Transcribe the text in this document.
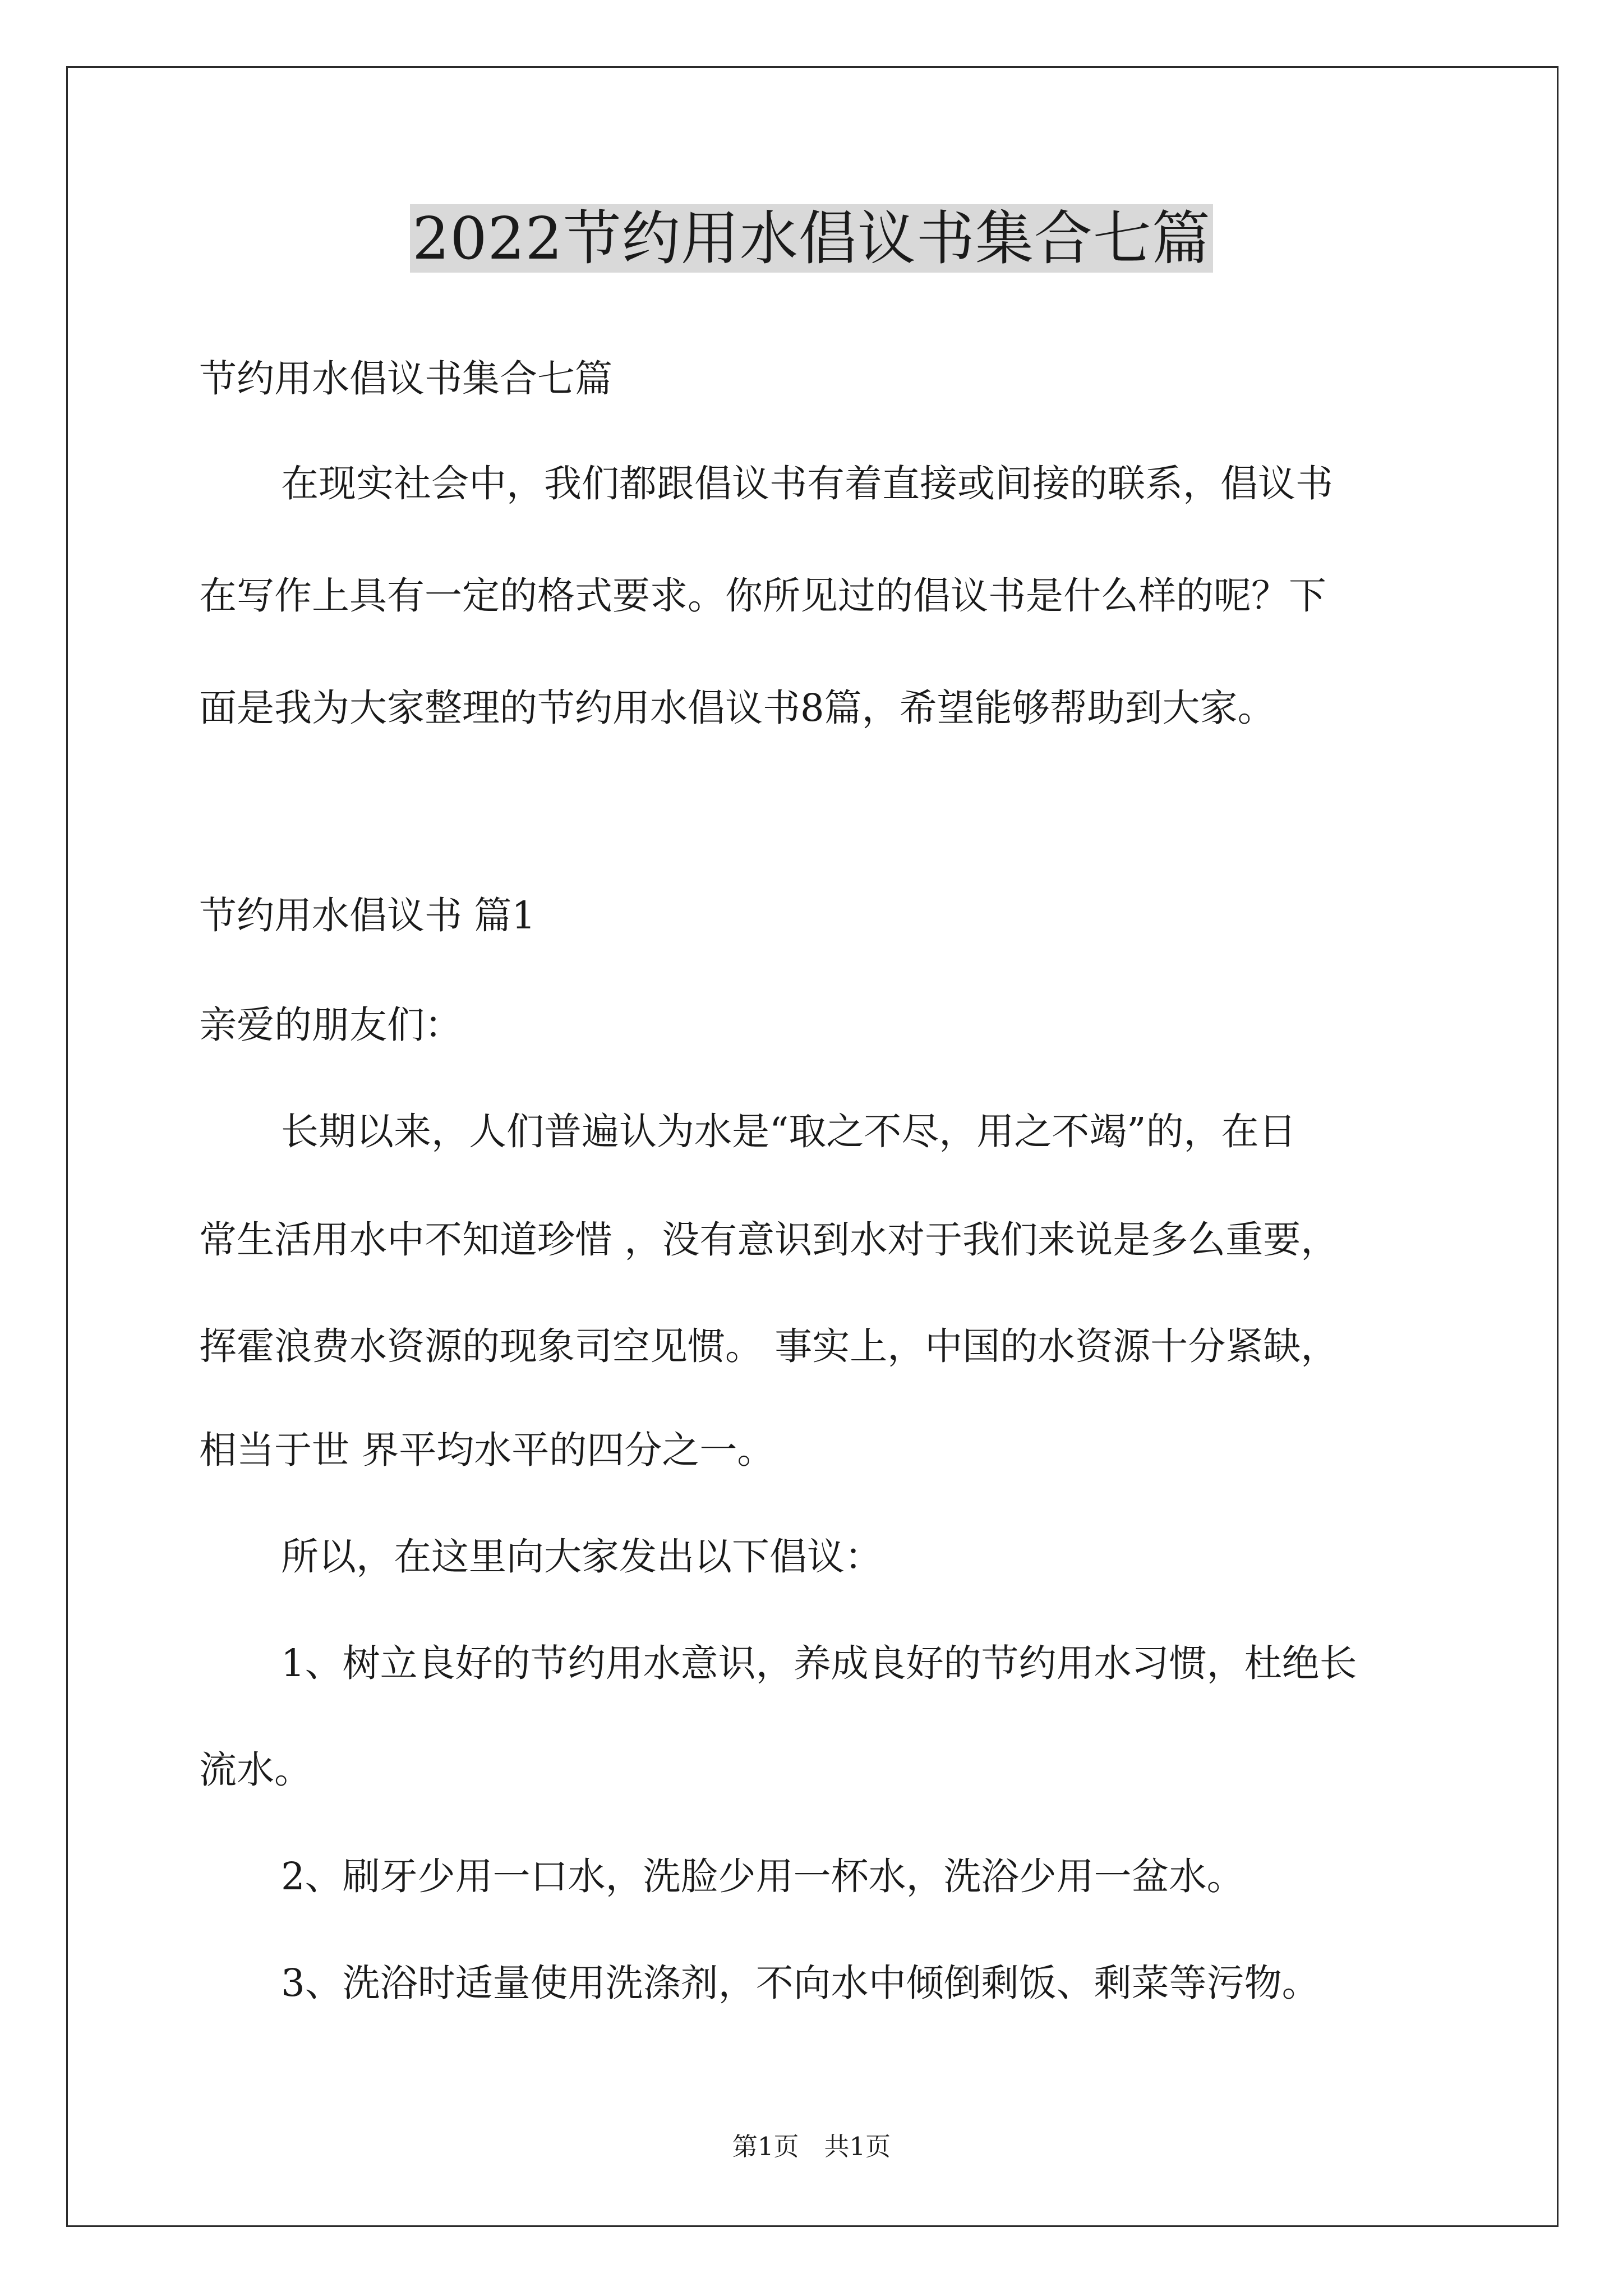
2022节约用水倡议书集合七篇
节约用水倡议书集合七篇
在现实社会中，我们都跟倡议书有着直接或间接的联系，倡议书
在写作上具有一定的格式要求。你所见过的倡议书是什么样的呢？下
面是我为大家整理的节约用水倡议书8篇，希望能够帮助到大家。
节约用水倡议书 篇1
亲爱的朋友们：
长期以来，人们普遍认为水是“取之不尽，用之不竭”的，在日
常生活用水中不知道珍惜 ，没有意识到水对于我们来说是多么重要，
挥霍浪费水资源的现象司空见惯。 事实上，中国的水资源十分紧缺，
相当于世 界平均水平的四分之一。
所以，在这里向大家发出以下倡议：
1、树立良好的节约用水意识，养成良好的节约用水习惯，杜绝长
流水。
2、刷牙少用一口水，洗脸少用一杯水，洗浴少用一盆水。
3、洗浴时适量使用洗涤剂，不向水中倾倒剩饭、剩菜等污物。
第1页　共1页
